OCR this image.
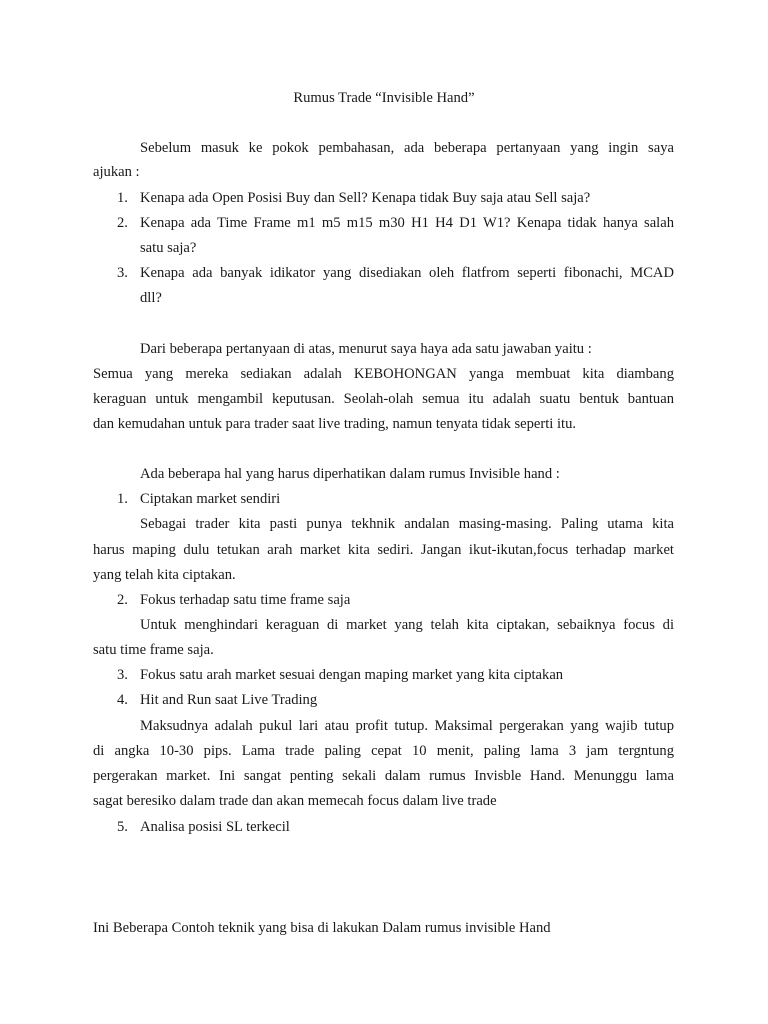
Rumus Trade “Invisible Hand”
Sebelum masuk ke pokok pembahasan, ada beberapa pertanyaan yang ingin saya
ajukan :
1. Kenapa ada Open Posisi Buy dan Sell? Kenapa tidak Buy saja atau Sell saja?
2. Kenapa ada Time Frame m1 m5 m15 m30 H1 H4 D1 W1? Kenapa tidak hanya salah
satu saja?
3. Kenapa ada banyak idikator yang disediakan oleh flatfrom seperti fibonachi, MCAD
dll?
Dari beberapa pertanyaan di atas, menurut saya haya ada satu jawaban yaitu :
Semua yang mereka sediakan adalah KEBOHONGAN yanga membuat kita diambang
keraguan untuk mengambil keputusan. Seolah-olah semua itu adalah suatu bentuk bantuan
dan kemudahan untuk para trader saat live trading, namun tenyata tidak seperti itu.
Ada beberapa hal yang harus diperhatikan dalam rumus Invisible hand :
1. Ciptakan market sendiri
Sebagai trader kita pasti punya tekhnik andalan masing-masing. Paling utama kita
harus maping dulu tetukan arah market kita sediri. Jangan ikut-ikutan,focus terhadap market
yang telah kita ciptakan.
2. Fokus terhadap satu time frame saja
Untuk menghindari keraguan di market yang telah kita ciptakan, sebaiknya focus di
satu time frame saja.
3. Fokus satu arah market sesuai dengan maping market yang kita ciptakan
4. Hit and Run saat Live Trading
Maksudnya adalah pukul lari atau profit tutup. Maksimal pergerakan yang wajib tutup
di angka 10-30 pips. Lama trade paling cepat 10 menit, paling lama 3 jam tergntung
pergerakan market. Ini sangat penting sekali dalam rumus Invisble Hand. Menunggu lama
sagat beresiko dalam trade dan akan memecah focus dalam live trade
5. Analisa posisi SL terkecil
Ini Beberapa Contoh teknik yang bisa di lakukan Dalam rumus invisible Hand
